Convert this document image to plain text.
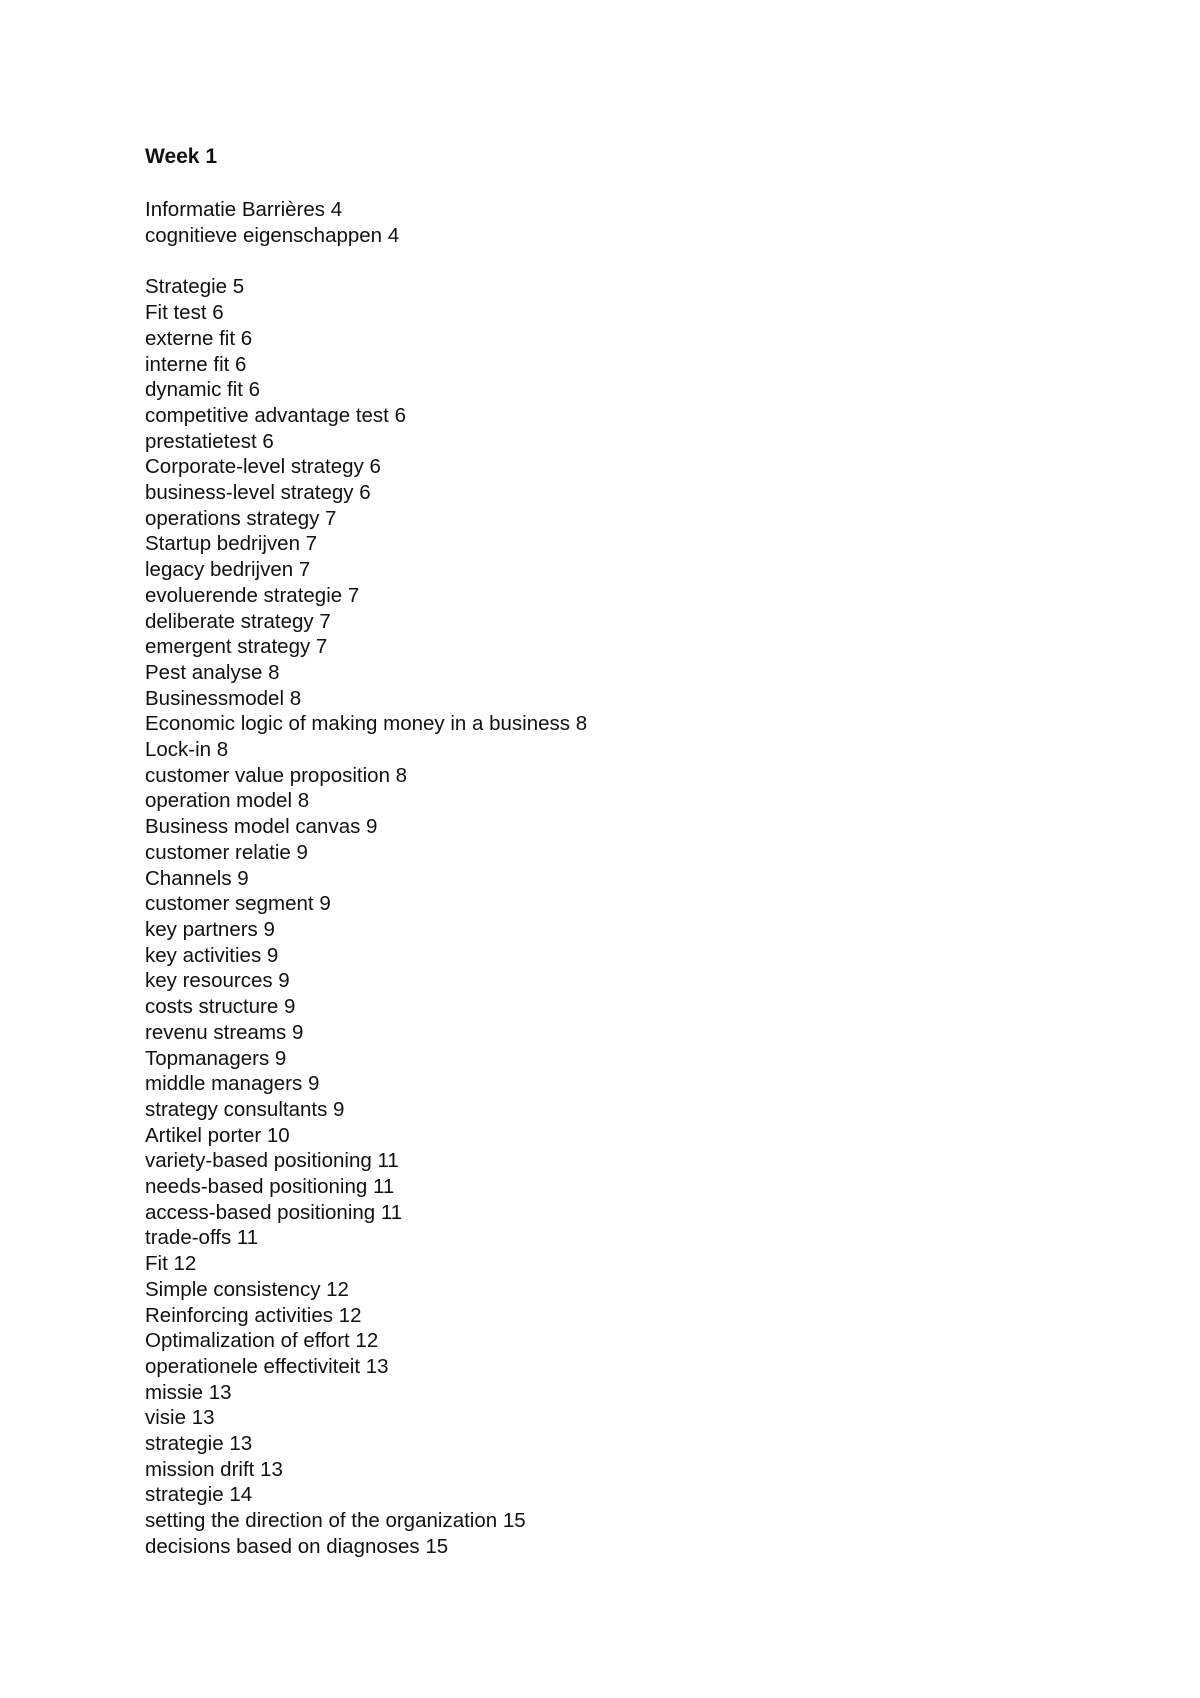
Week 1
Informatie Barrières 4
cognitieve eigenschappen 4
Strategie 5
Fit test 6
externe fit 6
interne fit 6
dynamic fit 6
competitive advantage test 6
prestatietest 6
Corporate-level strategy 6
business-level strategy 6
operations strategy 7
Startup bedrijven 7
legacy bedrijven 7
evoluerende strategie 7
deliberate strategy 7
emergent strategy 7
Pest analyse 8
Businessmodel 8
Economic logic of making money in a business 8
Lock-in 8
customer value proposition 8
operation model 8
Business model canvas 9
customer relatie 9
Channels 9
customer segment 9
key partners 9
key activities 9
key resources 9
costs structure 9
revenu streams 9
Topmanagers 9
middle managers 9
strategy consultants 9
Artikel porter 10
variety-based positioning 11
needs-based positioning 11
access-based positioning 11
trade-offs 11
Fit 12
Simple consistency 12
Reinforcing activities 12
Optimalization of effort 12
operationele effectiviteit 13
missie 13
visie 13
strategie 13
mission drift 13
strategie 14
setting the direction of the organization 15
decisions based on diagnoses 15
